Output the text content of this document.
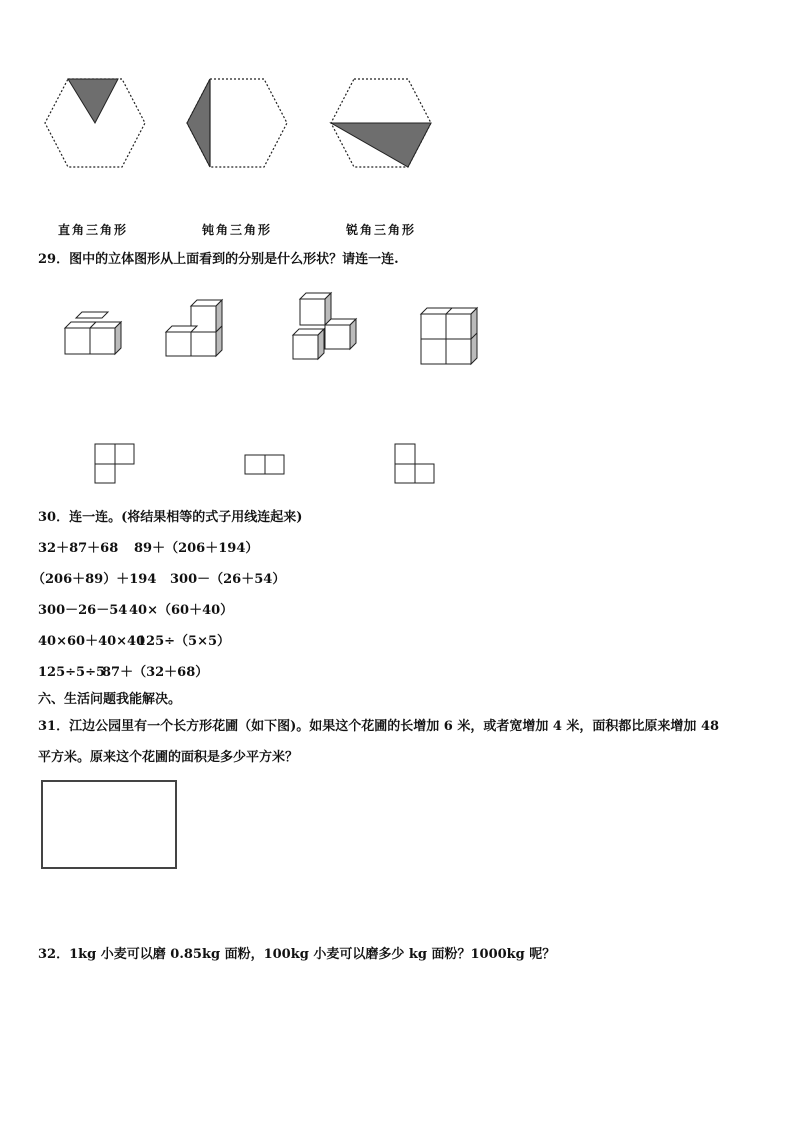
直角三角形	钝角三角形	锐角三角形
29．图中的立体图形从上面看到的分别是什么形状？请连一连.
30．连一连。(将结果相等的式子用线连起来)
32＋87＋68 89＋（206＋194）
（206＋89）＋194 300－（26＋54）
300－26－54 40×（60＋40）
40×60＋40×40
125÷（5×5）
125÷5÷5
87＋（32＋68）
六、生活问题我能解决。
31．江边公园里有一个长方形花圃（如下图)。如果这个花圃的长增加 6 米，或者宽增加 4 米，面积都比原来增加 48
平方米。原来这个花圃的面积是多少平方米？
32．1kg 小麦可以磨 0.85kg 面粉，100kg 小麦可以磨多少 kg 面粉？1000kg 呢？
